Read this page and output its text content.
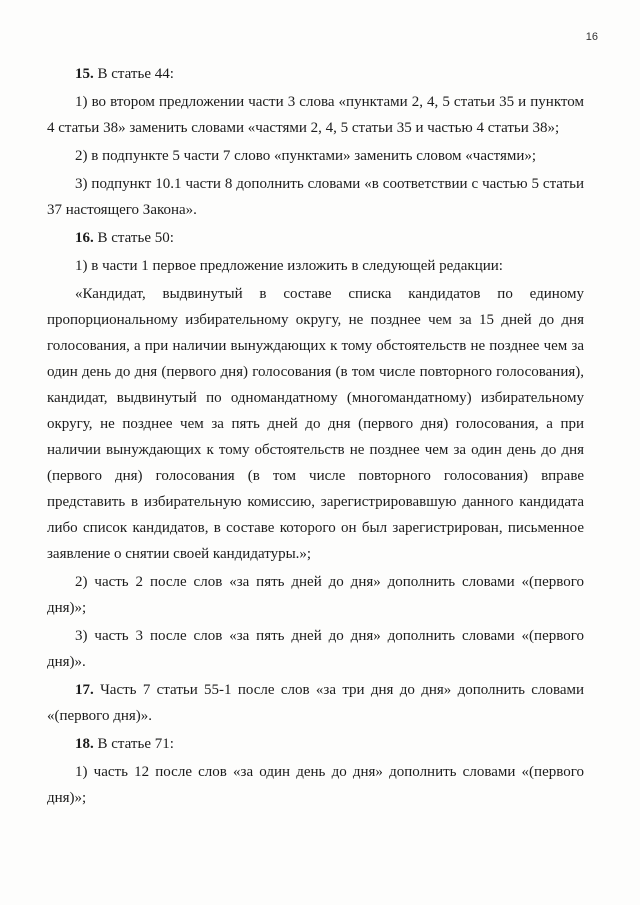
16

15. В статье 44:

1) во втором предложении части 3 слова «пунктами 2, 4, 5 статьи 35 и пунктом 4 статьи 38» заменить словами «частями 2, 4, 5 статьи 35 и частью 4 статьи 38»;

2) в подпункте 5 части 7 слово «пунктами» заменить словом «частями»;

3) подпункт 10.1 части 8 дополнить словами «в соответствии с частью 5 статьи 37 настоящего Закона».

16. В статье 50:

1) в части 1 первое предложение изложить в следующей редакции:

«Кандидат, выдвинутый в составе списка кандидатов по единому пропорциональному избирательному округу, не позднее чем за 15 дней до дня голосования, а при наличии вынуждающих к тому обстоятельств не позднее чем за один день до дня (первого дня) голосования (в том числе повторного голосования), кандидат, выдвинутый по одномандатному (многомандатному) избирательному округу, не позднее чем за пять дней до дня (первого дня) голосования, а при наличии вынуждающих к тому обстоятельств не позднее чем за один день до дня (первого дня) голосования (в том числе повторного голосования) вправе представить в избирательную комиссию, зарегистрировавшую данного кандидата либо список кандидатов, в составе которого он был зарегистрирован, письменное заявление о снятии своей кандидатуры.»;

2) часть 2 после слов «за пять дней до дня» дополнить словами «(первого дня)»;

3) часть 3 после слов «за пять дней до дня» дополнить словами «(первого дня)».

17. Часть 7 статьи 55-1 после слов «за три дня до дня» дополнить словами «(первого дня)».

18. В статье 71:

1) часть 12 после слов «за один день до дня» дополнить словами «(первого дня)»;
